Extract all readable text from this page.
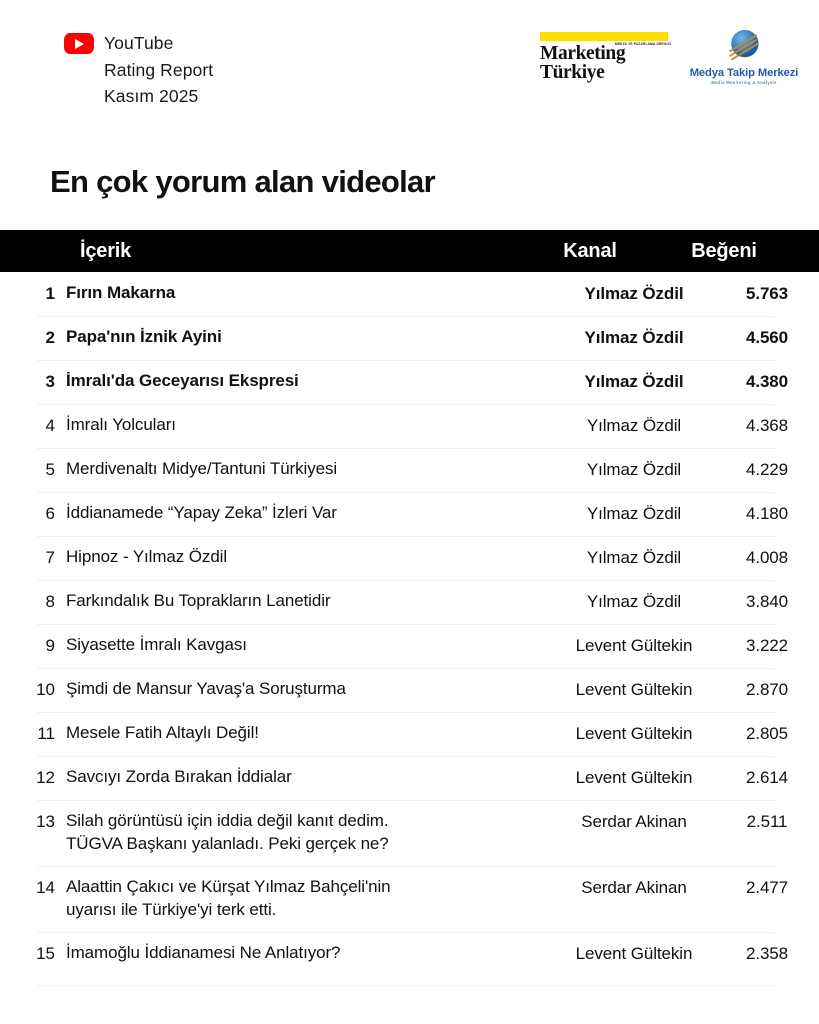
YouTube
Rating Report
Kasım 2025
MEDYA VE PAZARLAMA DERGİSİ
Marketing
Türkiye	Medya Takip Merkezi
Media Monitoring & Analysis
En çok yorum alan videolar
İçerik	Kanal	Beğeni
1 Fırın Makarna	Yılmaz Özdil	5.763
2 Papa'nın İznik Ayini	Yılmaz Özdil	4.560
3 İmralı'da Geceyarısı Ekspresi	Yılmaz Özdil	4.380
4 İmralı Yolcuları	Yılmaz Özdil	4.368
5 Merdivenaltı Midye/Tantuni Türkiyesi	Yılmaz Özdil	4.229
6 İddianamede “Yapay Zeka” İzleri Var	Yılmaz Özdil	4.180
7 Hipnoz - Yılmaz Özdil	Yılmaz Özdil	4.008
8 Farkındalık Bu Toprakların Lanetidir	Yılmaz Özdil	3.840
9 Siyasette İmralı Kavgası	Levent Gültekin	3.222
10 Şimdi de Mansur Yavaş'a Soruşturma	Levent Gültekin	2.870
11 Mesele Fatih Altaylı Değil!	Levent Gültekin	2.805
12 Savcıyı Zorda Bırakan İddialar	Levent Gültekin	2.614
13 Silah görüntüsü için iddia değil kanıt dedim.
TÜGVA Başkanı yalanladı. Peki gerçek ne?
Serdar Akinan	2.511
14 Alaattin Çakıcı ve Kürşat Yılmaz Bahçeli'nin
uyarısı ile Türkiye'yi terk etti.
Serdar Akinan	2.477
15 İmamoğlu İddianamesi Ne Anlatıyor?	Levent Gültekin	2.358
